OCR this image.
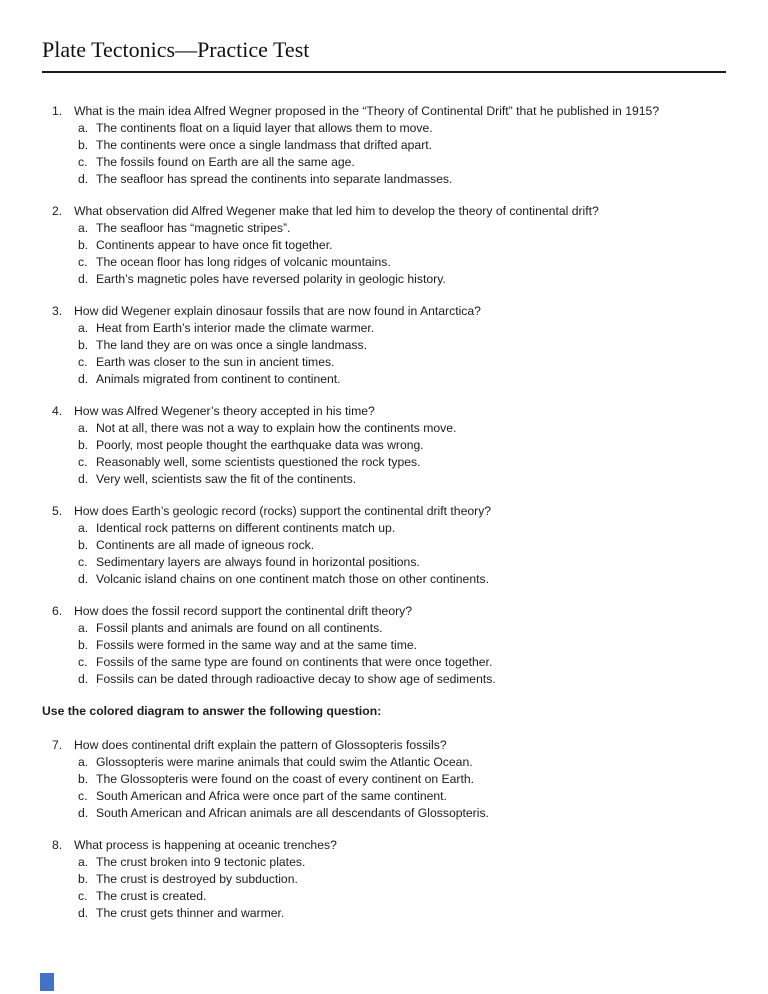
Plate Tectonics—Practice Test
1. What is the main idea Alfred Wegner proposed in the “Theory of Continental Drift” that he published in 1915?
a. The continents float on a liquid layer that allows them to move.
b. The continents were once a single landmass that drifted apart.
c. The fossils found on Earth are all the same age.
d. The seafloor has spread the continents into separate landmasses.
2. What observation did Alfred Wegener make that led him to develop the theory of continental drift?
a. The seafloor has “magnetic stripes”.
b. Continents appear to have once fit together.
c. The ocean floor has long ridges of volcanic mountains.
d. Earth’s magnetic poles have reversed polarity in geologic history.
3. How did Wegener explain dinosaur fossils that are now found in Antarctica?
a. Heat from Earth’s interior made the climate warmer.
b. The land they are on was once a single landmass.
c. Earth was closer to the sun in ancient times.
d. Animals migrated from continent to continent.
4. How was Alfred Wegener’s theory accepted in his time?
a. Not at all, there was not a way to explain how the continents move.
b. Poorly, most people thought the earthquake data was wrong.
c. Reasonably well, some scientists questioned the rock types.
d. Very well, scientists saw the fit of the continents.
5. How does Earth’s geologic record (rocks) support the continental drift theory?
a. Identical rock patterns on different continents match up.
b. Continents are all made of igneous rock.
c. Sedimentary layers are always found in horizontal positions.
d. Volcanic island chains on one continent match those on other continents.
6. How does the fossil record support the continental drift theory?
a. Fossil plants and animals are found on all continents.
b. Fossils were formed in the same way and at the same time.
c. Fossils of the same type are found on continents that were once together.
d. Fossils can be dated through radioactive decay to show age of sediments.

Use the colored diagram to answer the following question:

7. How does continental drift explain the pattern of Glossopteris fossils?
a. Glossopteris were marine animals that could swim the Atlantic Ocean.
b. The Glossopteris were found on the coast of every continent on Earth.
c. South American and Africa were once part of the same continent.
d. South American and African animals are all descendants of Glossopteris.
8. What process is happening at oceanic trenches?
a. The crust broken into 9 tectonic plates.
b. The crust is destroyed by subduction.
c. The crust is created.
d. The crust gets thinner and warmer.
